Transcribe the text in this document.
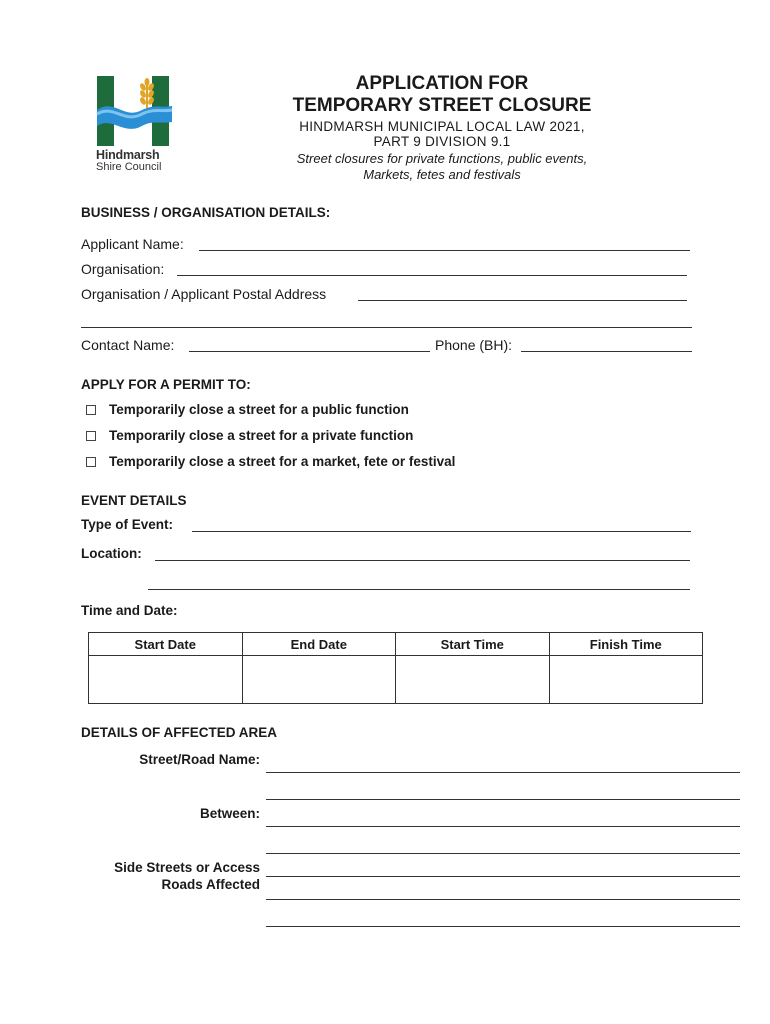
Hindmarsh
Shire Council
APPLICATION FOR
TEMPORARY STREET CLOSURE
HINDMARSH MUNICIPAL LOCAL LAW 2021,
PART 9 DIVISION 9.1
Street closures for private functions, public events,
Markets, fetes and festivals
BUSINESS / ORGANISATION DETAILS:
Applicant Name:
Organisation:
Organisation / Applicant Postal Address
Contact Name:	Phone (BH):
APPLY FOR A PERMIT TO:
Temporarily close a street for a public function
Temporarily close a street for a private function
Temporarily close a street for a market, fete or festival
EVENT DETAILS
Type of Event:
Location:
Time and Date:
Start Date	End Date	Start Time	Finish Time

DETAILS OF AFFECTED AREA
Street/Road Name:
Between:
Side Streets or Access
Roads Affected
